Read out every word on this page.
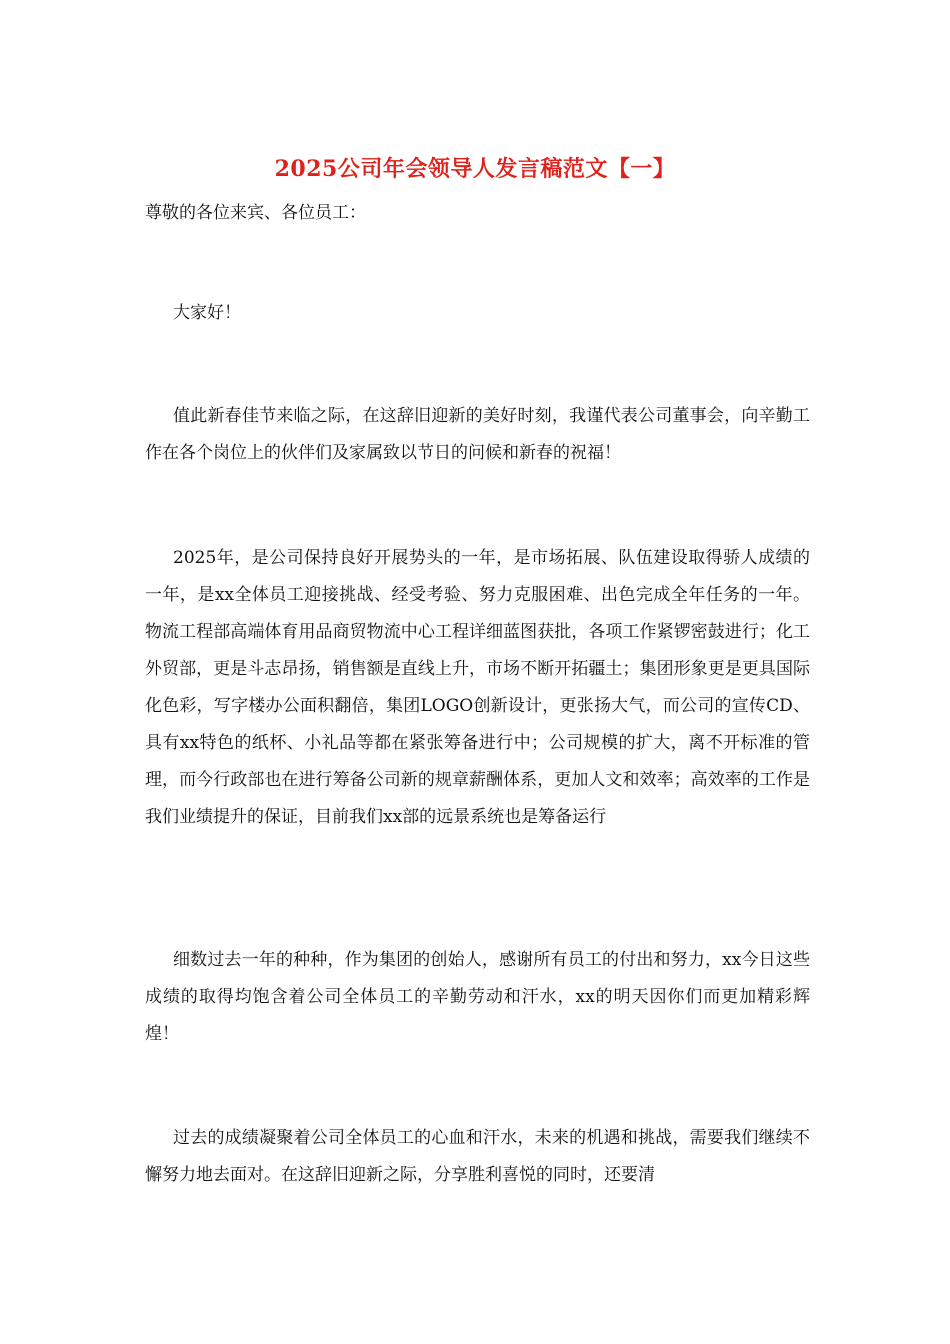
2025公司年会领导人发言稿范文【一】

尊敬的各位来宾、各位员工：

大家好！

值此新春佳节来临之际，在这辞旧迎新的美好时刻，我谨代表公司董事会，向辛勤工作在各个岗位上的伙伴们及家属致以节日的问候和新春的祝福！

2025年，是公司保持良好开展势头的一年，是市场拓展、队伍建设取得骄人成绩的一年，是xx全体员工迎接挑战、经受考验、努力克服困难、出色完成全年任务的一年。物流工程部高端体育用品商贸物流中心工程详细蓝图获批，各项工作紧锣密鼓进行；化工外贸部，更是斗志昂扬，销售额是直线上升，市场不断开拓疆土；集团形象更是更具国际化色彩，写字楼办公面积翻倍，集团LOGO创新设计，更张扬大气，而公司的宣传CD、具有xx特色的纸杯、小礼品等都在紧张筹备进行中；公司规模的扩大，离不开标准的管理，而今行政部也在进行筹备公司新的规章薪酬体系，更加人文和效率；高效率的工作是我们业绩提升的保证，目前我们xx部的远景系统也是筹备运行

细数过去一年的种种，作为集团的创始人，感谢所有员工的付出和努力，xx今日这些成绩的取得均饱含着公司全体员工的辛勤劳动和汗水，xx的明天因你们而更加精彩辉煌！

过去的成绩凝聚着公司全体员工的心血和汗水，未来的机遇和挑战，需要我们继续不懈努力地去面对。在这辞旧迎新之际，分享胜利喜悦的同时，还要清
